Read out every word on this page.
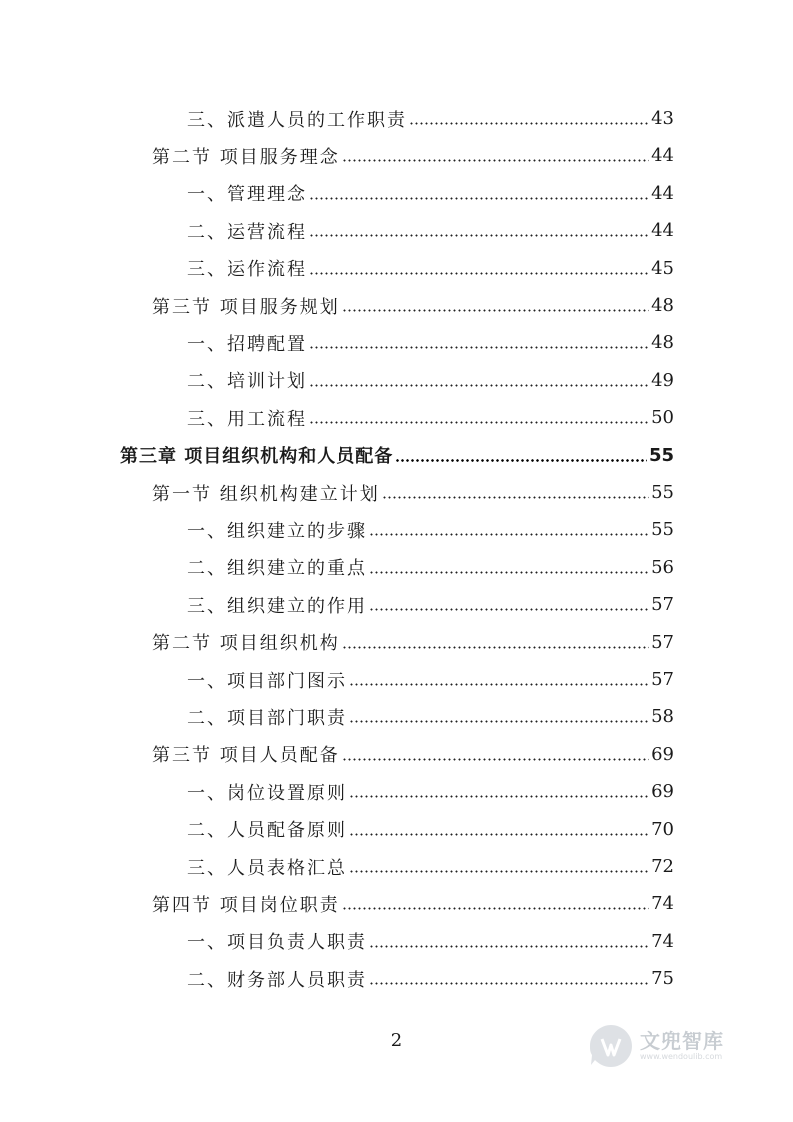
三、派遣人员的工作职责	43
第二节 项目服务理念	44
一、管理理念	44
二、运营流程	44
三、运作流程	45
第三节 项目服务规划	48
一、招聘配置	48
二、培训计划	49
三、用工流程	50
第三章 项目组织机构和人员配备	55
第一节 组织机构建立计划	55
一、组织建立的步骤	55
二、组织建立的重点	56
三、组织建立的作用	57
第二节 项目组织机构	57
一、项目部门图示	57
二、项目部门职责	58
第三节 项目人员配备	69
一、岗位设置原则	69
二、人员配备原则	70
三、人员表格汇总	72
第四节 项目岗位职责	74
一、项目负责人职责	74
二、财务部人员职责	75
2	文兜智库
www.wendoulib.com
